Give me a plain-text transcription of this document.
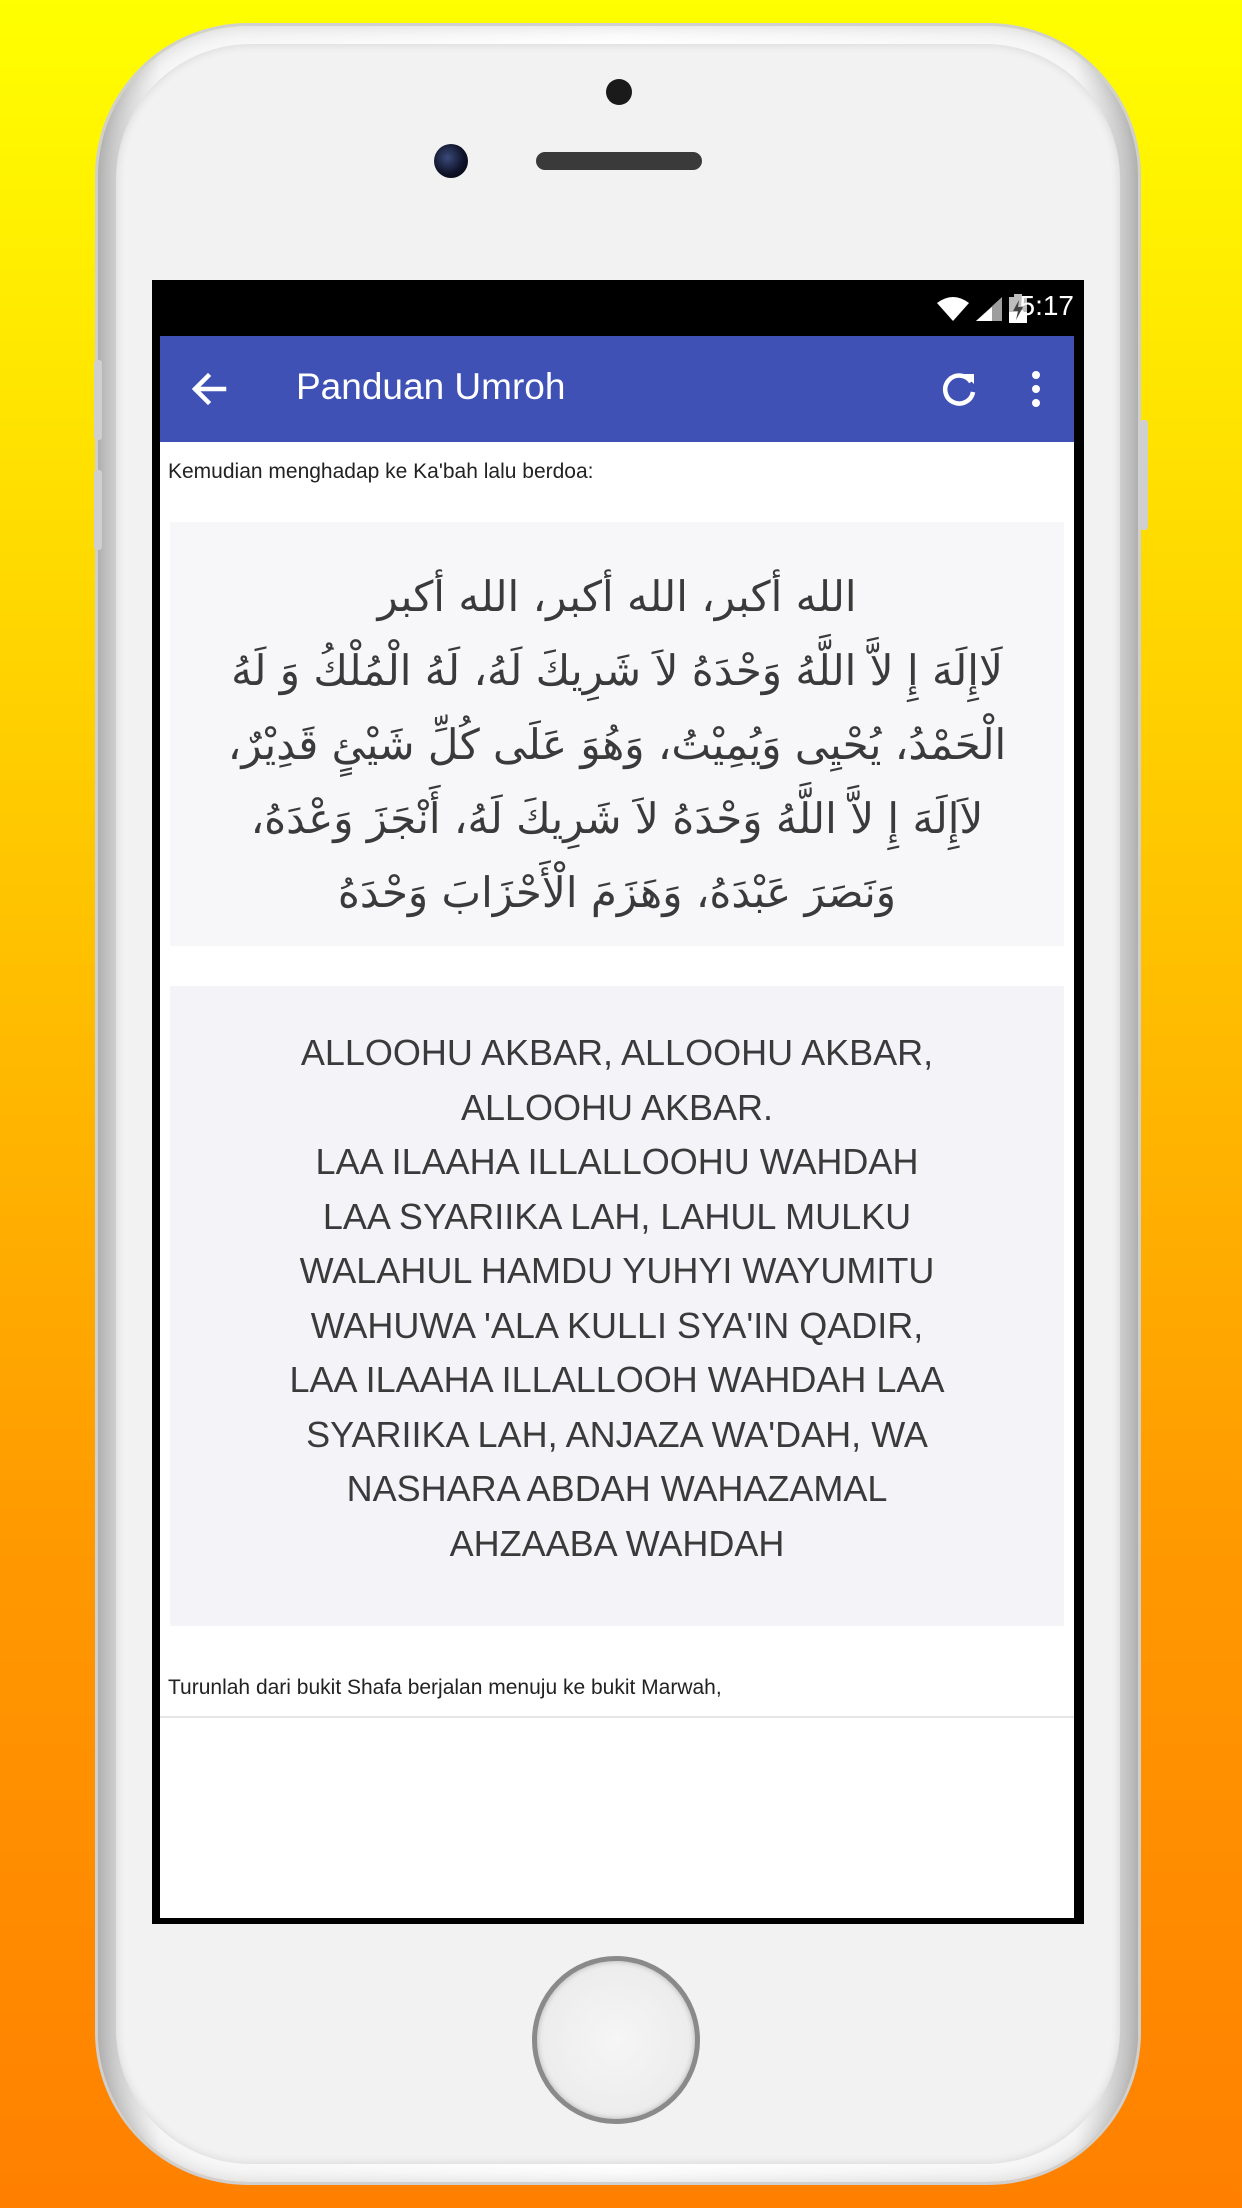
5:17
Panduan Umroh
Kemudian menghadap ke Ka'bah lalu berdoa:
الله أكبر، الله أكبر، الله أكبر
لَاإِلَهَ إِ لاَّ اللَّهُ وَحْدَهُ لاَ شَرِيكَ لَهُ، لَهُ الْمُلْكُ وَ لَهُ
الْحَمْدُ، يُحْيِى وَيُمِيْتُ، وَهُوَ عَلَى كُلِّ شَيْئٍ قَدِيْرٌ،
لاَإِلَهَ إِ لاَّ اللَّهُ وَحْدَهُ لاَ شَرِيكَ لَهُ، أَنْجَزَ وَعْدَهُ،
وَنَصَرَ عَبْدَهُ، وَهَزَمَ الْأَحْزَابَ وَحْدَهُ
ALLOOHU AKBAR, ALLOOHU AKBAR,
ALLOOHU AKBAR.
LAA ILAAHA ILLALLOOHU WAHDAH
LAA SYARIIKA LAH, LAHUL MULKU
WALAHUL HAMDU YUHYI WAYUMITU
WAHUWA 'ALA KULLI SYA'IN QADIR,
LAA ILAAHA ILLALLOOH WAHDAH LAA
SYARIIKA LAH, ANJAZA WA'DAH, WA
NASHARA ABDAH WAHAZAMAL
AHZAABA WAHDAH
Turunlah dari bukit Shafa berjalan menuju ke bukit Marwah,
